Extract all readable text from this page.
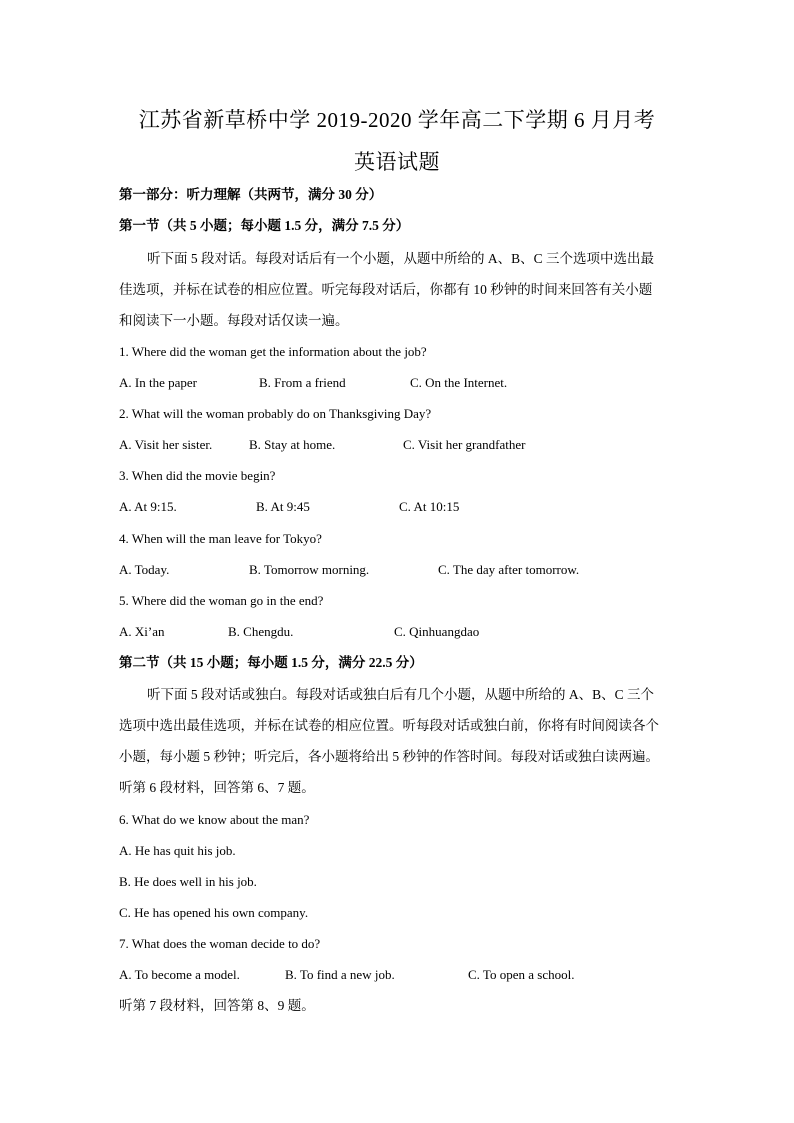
江苏省新草桥中学 2019-2020 学年高二下学期 6 月月考
英语试题
第一部分：听力理解（共两节，满分 30 分）
第一节（共 5 小题；每小题 1.5 分，满分 7.5 分）
听下面 5 段对话。每段对话后有一个小题，从题中所给的 A、B、C 三个选项中选出最
佳选项，并标在试卷的相应位置。听完每段对话后，你都有 10 秒钟的时间来回答有关小题
和阅读下一小题。每段对话仅读一遍。
1. Where did the woman get the information about the job?
A. In the paper	B. From a friend	C. On the Internet.
2. What will the woman probably do on Thanksgiving Day?
A. Visit her sister.	B. Stay at home.	C. Visit her grandfather
3. When did the movie begin?
A. At 9:15.	B. At 9:45	C. At 10:15
4. When will the man leave for Tokyo?
A. Today.	B. Tomorrow morning.	C. The day after tomorrow.
5. Where did the woman go in the end?
A. Xi’an	B. Chengdu.	C. Qinhuangdao
第二节（共 15 小题；每小题 1.5 分，满分 22.5 分）
听下面 5 段对话或独白。每段对话或独白后有几个小题，从题中所给的 A、B、C 三个
选项中选出最佳选项，并标在试卷的相应位置。听每段对话或独白前，你将有时间阅读各个
小题，每小题 5 秒钟；听完后，各小题将给出 5 秒钟的作答时间。每段对话或独白读两遍。
听第 6 段材料，回答第 6、7 题。
6. What do we know about the man?
A. He has quit his job.
B. He does well in his job.
C. He has opened his own company.
7. What does the woman decide to do?
A. To become a model.	B. To find a new job.	C. To open a school.
听第 7 段材料，回答第 8、9 题。
